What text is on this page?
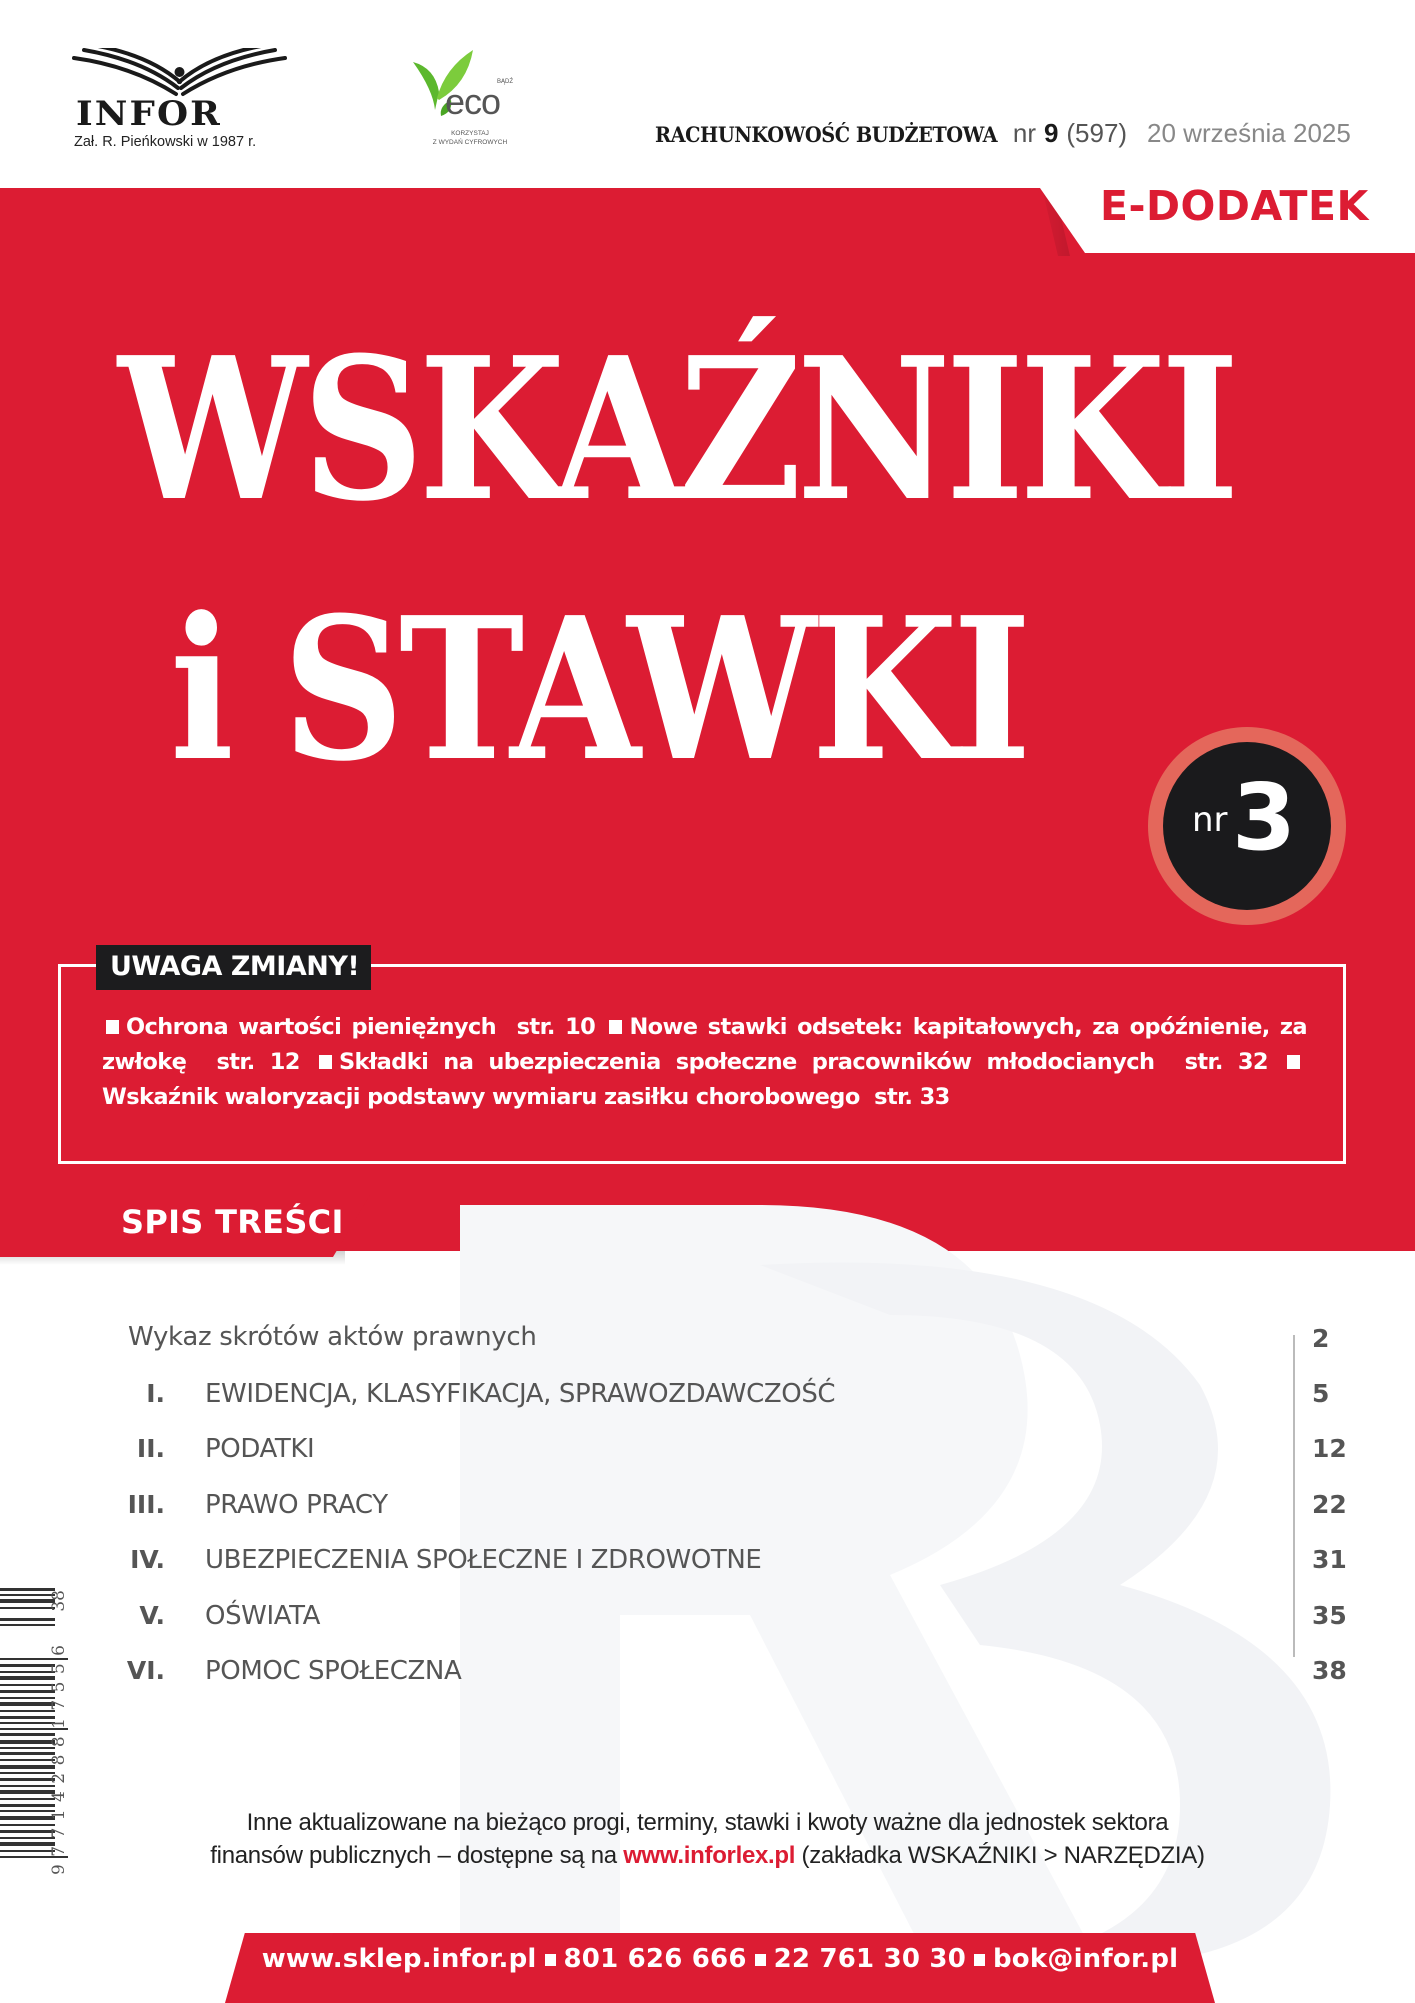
INFOR
Zał. R. Pieńkowski w 1987 r.
BĄDŹ
eco
KORZYSTAJ
Z WYDAŃ CYFROWYCH	RACHUNKOWOŚĆ BUDŻETOWA nr 9 (597) 20 września 2025
E-DODATEK
WSKAŹNIKI
i STAWKI
nr 3
UWAGA ZMIANY!
Ochrona wartości pieniężnych str. 10 Nowe stawki odsetek: kapitałowych, za opóźnienie, za zwłokę str. 12 Składki na ubezpieczenia społeczne pracowników młodocianych str. 32 Wskaźnik waloryzacji podstawy wymiaru zasiłku chorobowego str. 33
SPIS TREŚCI
Wykaz skrótów aktów prawnych	2
I. EWIDENCJA, KLASYFIKACJA, SPRAWOZDAWCZOŚĆ	5
II. PODATKI	12
III. PRAWO PRACY	22
IV. UBEZPIECZENIA SPOŁECZNE I ZDROWOTNE	31
V. OŚWIATA	35
VI. POMOC SPOŁECZNA	38
38
9771428817556
Inne aktualizowane na bieżąco progi, terminy, stawki i kwoty ważne dla jednostek sektora
finansów publicznych – dostępne są na www.inforlex.pl (zakładka WSKAŹNIKI > NARZĘDZIA)
www.sklep.infor.pl 801 626 666 22 761 30 30 bok@infor.pl
